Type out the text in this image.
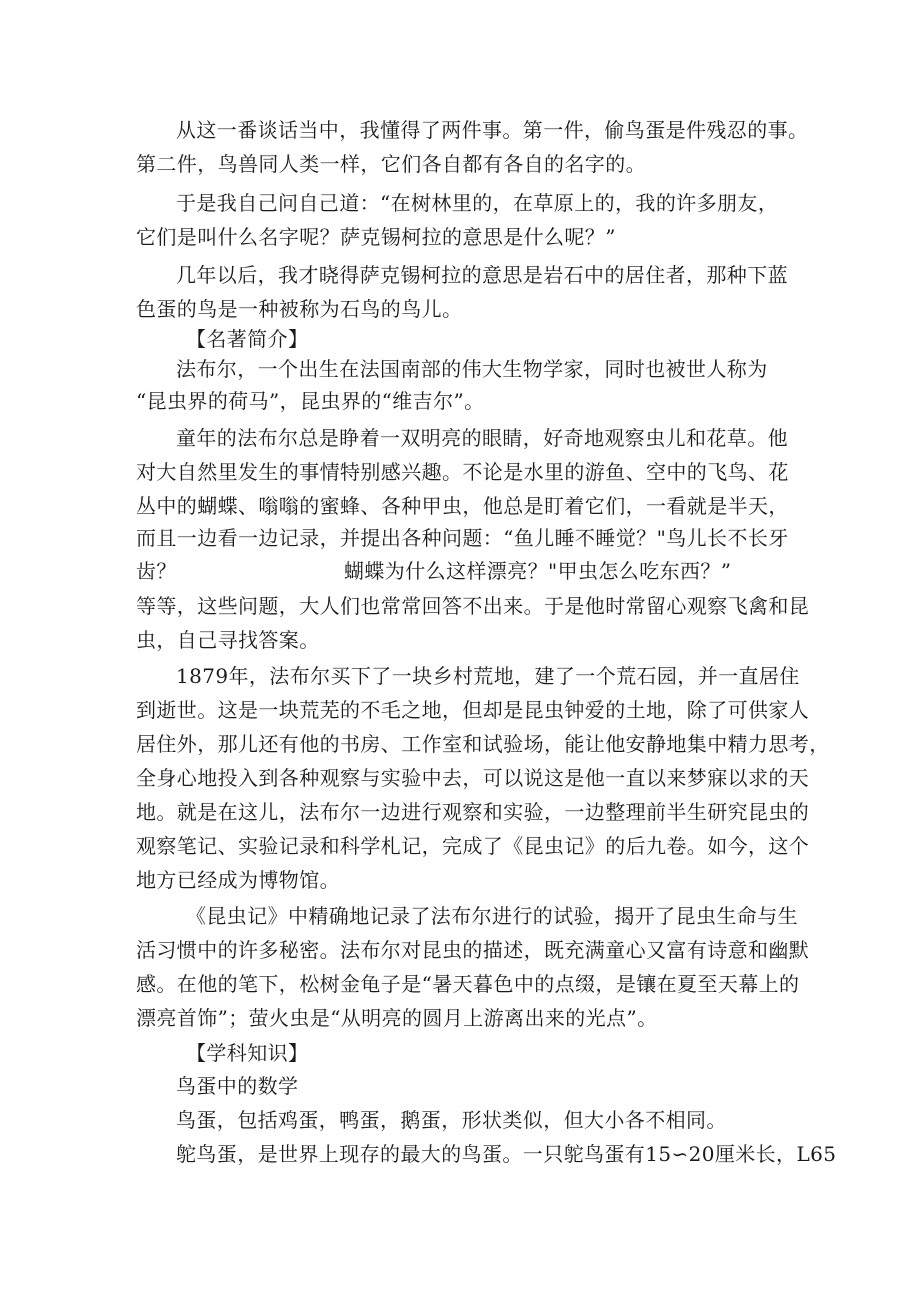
从这一番谈话当中，我懂得了两件事。第一件，偷鸟蛋是件残忍的事。
第二件，鸟兽同人类一样，它们各自都有各自的名字的。
于是我自己问自己道：“在树林里的，在草原上的，我的许多朋友，
它们是叫什么名字呢？萨克锡柯拉的意思是什么呢？”
几年以后，我才晓得萨克锡柯拉的意思是岩石中的居住者，那种下蓝
色蛋的鸟是一种被称为石鸟的鸟儿。
【名著简介】
法布尔，一个出生在法国南部的伟大生物学家，同时也被世人称为
“昆虫界的荷马”，昆虫界的“维吉尔”。
童年的法布尔总是睁着一双明亮的眼睛，好奇地观察虫儿和花草。他
对大自然里发生的事情特别感兴趣。不论是水里的游鱼、空中的飞鸟、花
丛中的蝴蝶、嗡嗡的蜜蜂、各种甲虫，他总是盯着它们，一看就是半天，
而且一边看一边记录，并提出各种问题：“鱼儿睡不睡觉？"鸟儿长不长牙
齿？	蝴蝶为什么这样漂亮？"甲虫怎么吃东西？”
等等，这些问题，大人们也常常回答不出来。于是他时常留心观察飞禽和昆
虫，自己寻找答案。
1879年，法布尔买下了一块乡村荒地，建了一个荒石园，并一直居住
到逝世。这是一块荒芜的不毛之地，但却是昆虫钟爱的土地，除了可供家人
居住外，那儿还有他的书房、工作室和试验场，能让他安静地集中精力思考，
全身心地投入到各种观察与实验中去，可以说这是他一直以来梦寐以求的天
地。就是在这儿，法布尔一边进行观察和实验，一边整理前半生研究昆虫的
观察笔记、实验记录和科学札记，完成了《昆虫记》的后九卷。如今，这个
地方已经成为博物馆。
《昆虫记》中精确地记录了法布尔进行的试验，揭开了昆虫生命与生
活习惯中的许多秘密。法布尔对昆虫的描述，既充满童心又富有诗意和幽默
感。在他的笔下，松树金龟子是“暑天暮色中的点缀，是镶在夏至天幕上的
漂亮首饰”；萤火虫是“从明亮的圆月上游离出来的光点”。
【学科知识】
鸟蛋中的数学
鸟蛋，包括鸡蛋，鸭蛋，鹅蛋，形状类似，但大小各不相同。
鸵鸟蛋，是世界上现存的最大的鸟蛋。一只鸵鸟蛋有15∽20厘米长，L65
